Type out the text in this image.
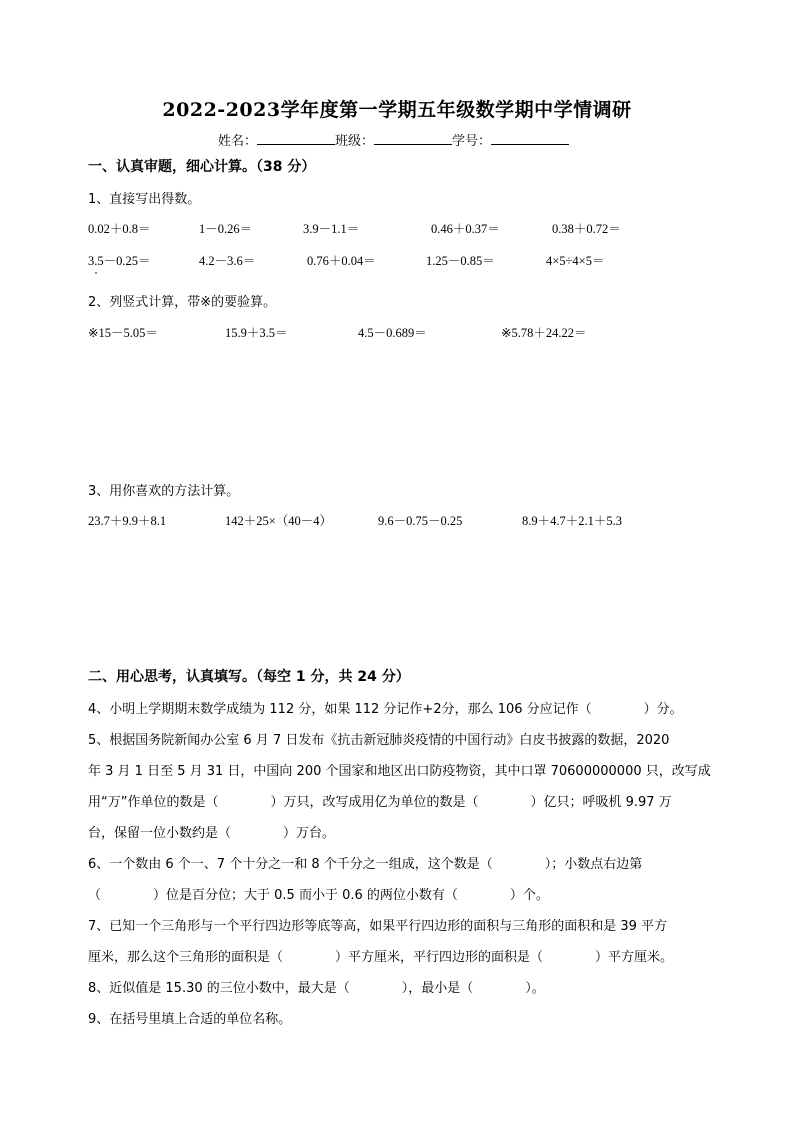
2022-2023学年度第一学期五年级数学期中学情调研
姓名：	班级：	学号：
一、认真审题，细心计算。（38 分）
1、直接写出得数。
0.02＋0.8＝	1－0.26＝	3.9－1.1＝	0.46＋0.37＝	0.38＋0.72＝
3.5－0.25＝	4.2－3.6＝	0.76＋0.04＝	1.25－0.85＝	4×5÷4×5＝
2、列竖式计算，带※的要验算。
※15－5.05＝	15.9＋3.5＝	4.5－0.689＝	※5.78＋24.22＝
3、用你喜欢的方法计算。
23.7＋9.9＋8.1	142＋25×（40－4）	9.6－0.75－0.25	8.9＋4.7＋2.1＋5.3
二、用心思考，认真填写。（每空 1 分，共 24 分）
4、小明上学期期末数学成绩为 112 分，如果 112 分记作+2分，那么 106 分应记作（　　　　）分。
5、根据国务院新闻办公室 6 月 7 日发布《抗击新冠肺炎疫情的中国行动》白皮书披露的数据，2020
年 3 月 1 日至 5 月 31 日，中国向 200 个国家和地区出口防疫物资，其中口罩 70600000000 只，改写成
用“万”作单位的数是（　　　　）万只，改写成用亿为单位的数是（　　　　）亿只；呼吸机 9.97 万
台，保留一位小数约是（　　　　）万台。
6、一个数由 6 个一、7 个十分之一和 8 个千分之一组成，这个数是（　　　　）；小数点右边第
（　　　　）位是百分位；大于 0.5 而小于 0.6 的两位小数有（　　　　）个。
7、已知一个三角形与一个平行四边形等底等高，如果平行四边形的面积与三角形的面积和是 39 平方
厘米，那么这个三角形的面积是（　　　　）平方厘米，平行四边形的面积是（　　　　）平方厘米。
8、近似值是 15.30 的三位小数中，最大是（　　　　），最小是（　　　　）。
9、在括号里填上合适的单位名称。
